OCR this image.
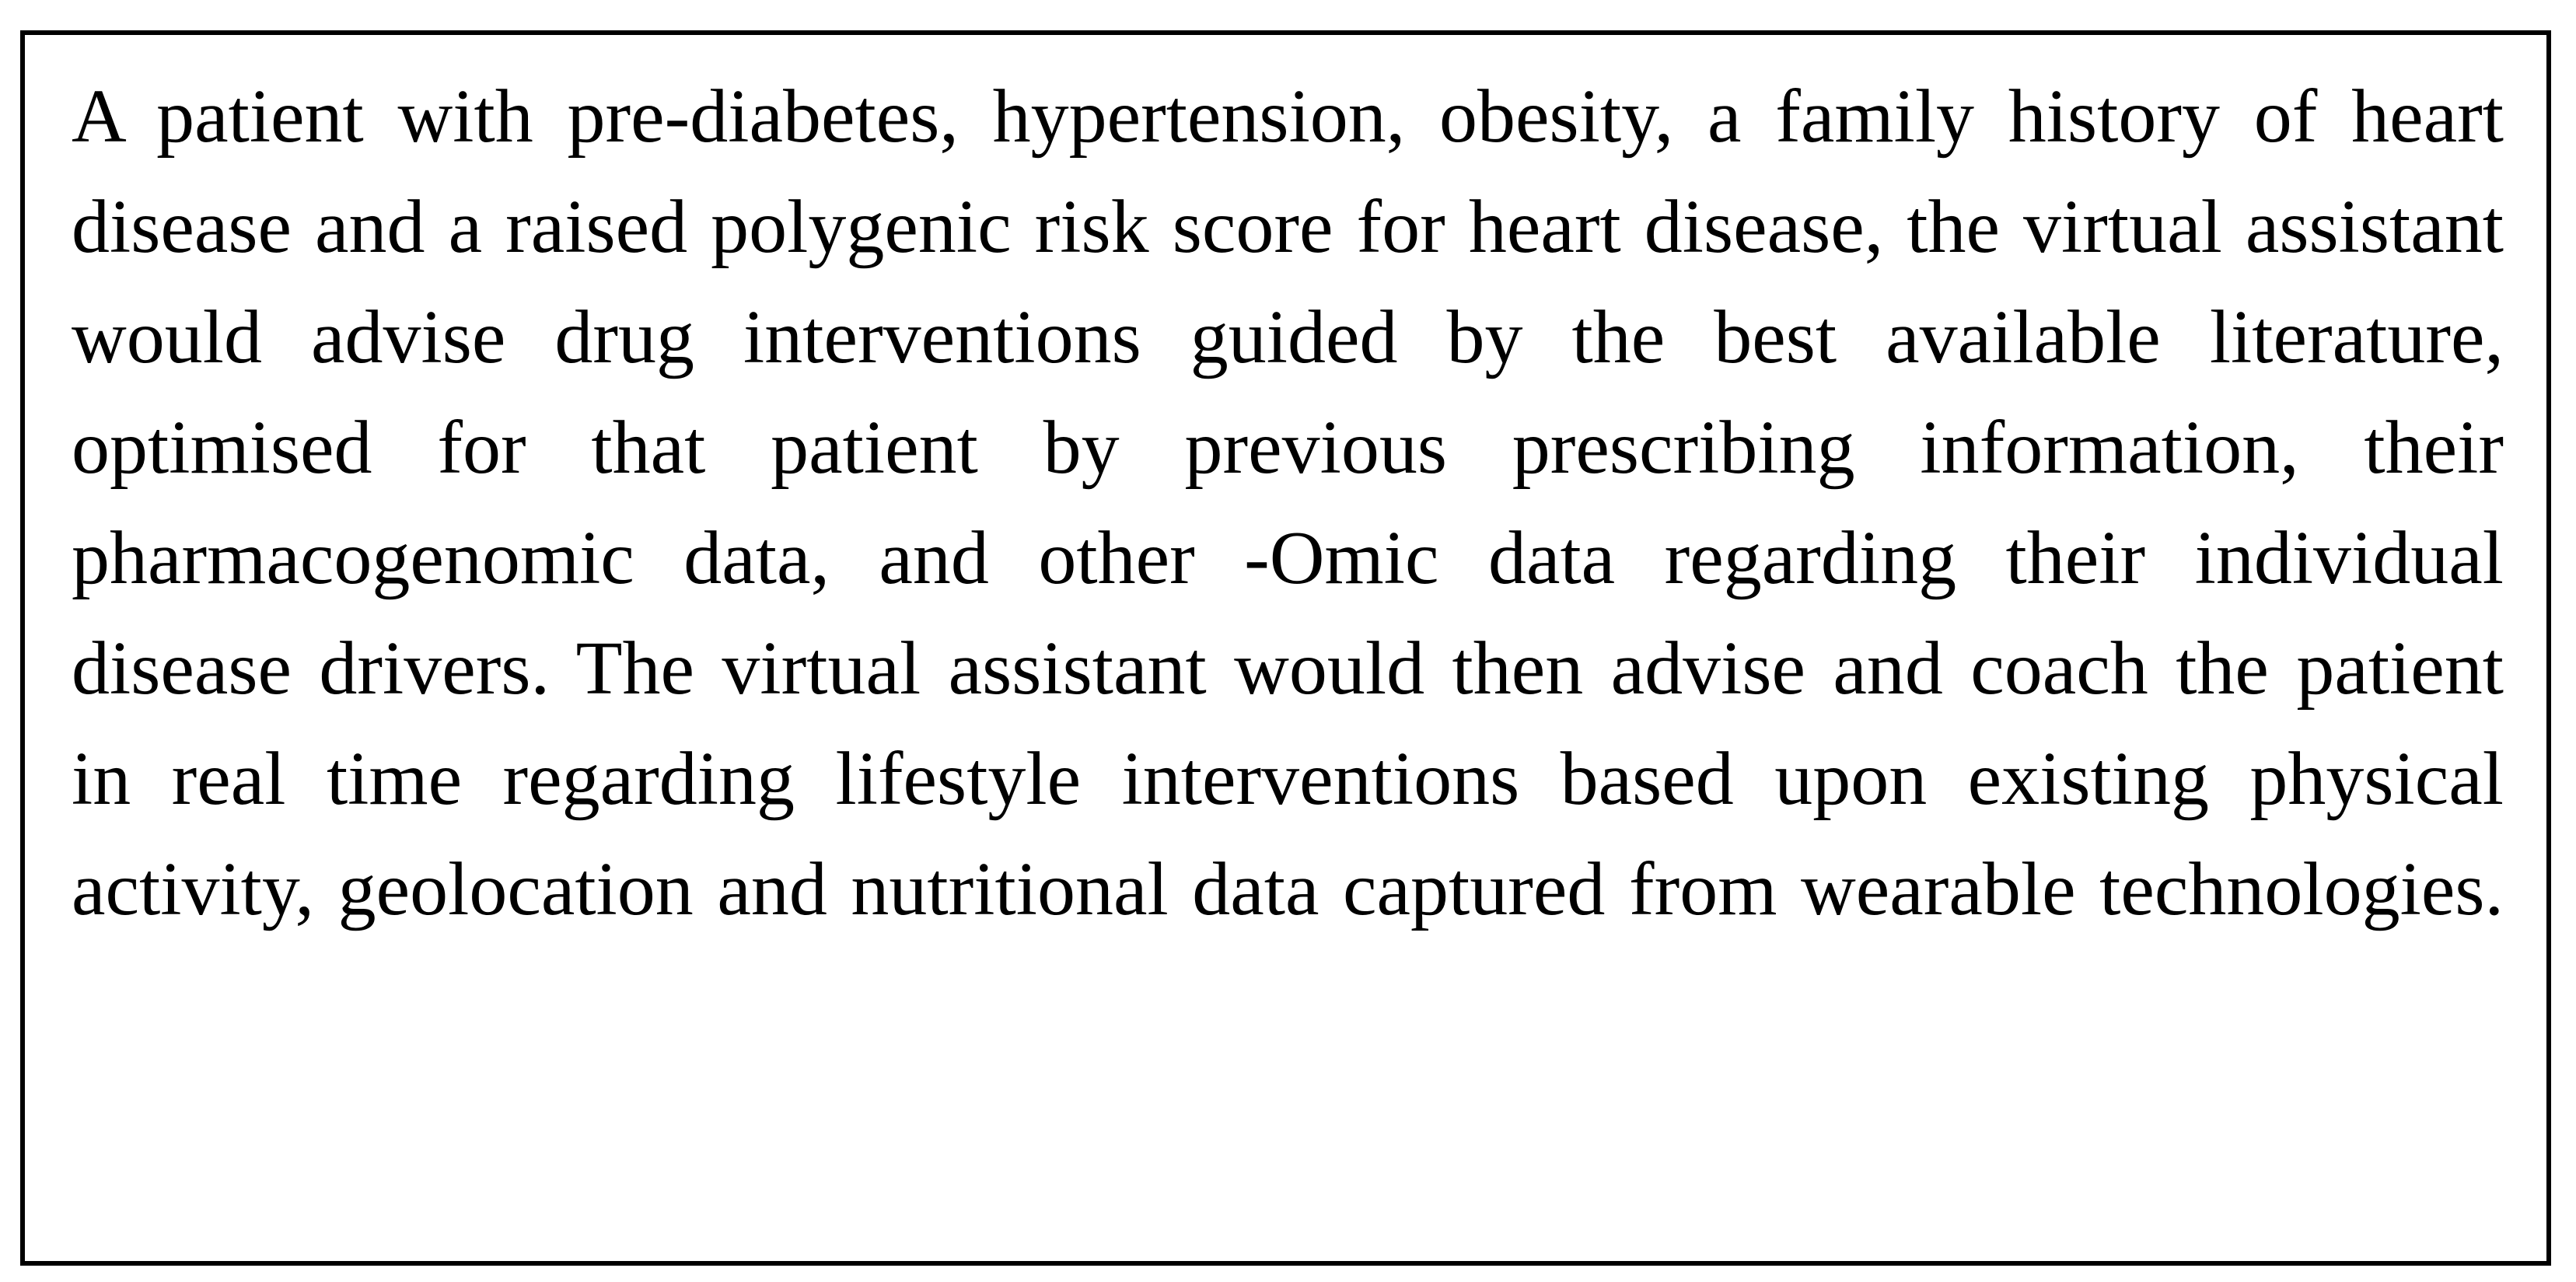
A patient with pre-diabetes, hypertension, obesity, a family history of heart
disease and a raised polygenic risk score for heart disease, the virtual assistant
would advise drug interventions guided by the best available literature,
optimised for that patient by previous prescribing information, their
pharmacogenomic data, and other -Omic data regarding their individual
disease drivers. The virtual assistant would then advise and coach the patient
in real time regarding lifestyle interventions based upon existing physical
activity, geolocation and nutritional data captured from wearable technologies.
